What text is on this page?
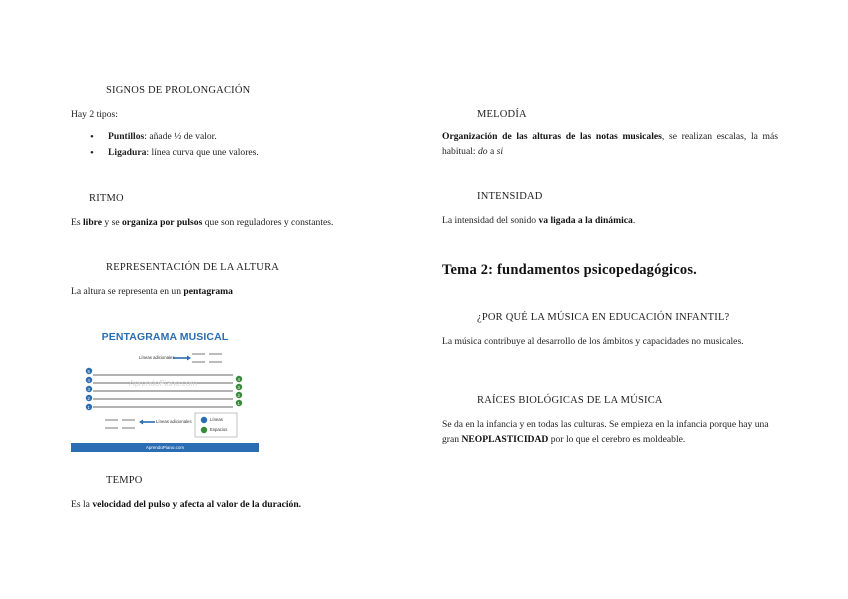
SIGNOS DE PROLONGACIÓN
Hay 2 tipos:
• Puntillos: añade ½ de valor.
• Ligadura: línea curva que une valores.
RITMO
Es libre y se organiza por pulsos que son reguladores y constantes.
REPRESENTACIÓN DE LA ALTURA
La altura se representa en un pentagrama
PENTAGRAMA MUSICAL
Líneas adicionales
Líneas adicionales	Líneas
Espacios
AprendoPiano.com
5
4
3
2
1
4
3
2
1
AprendoPiano.com
TEMPO
Es la velocidad del pulso y afecta al valor de la duración.
MELODÍA
Organización de las alturas de las notas musicales, se realizan escalas, la más habitual: do a si
INTENSIDAD
La intensidad del sonido va ligada a la dinámica.
Tema 2: fundamentos psicopedagógicos.
¿POR QUÉ LA MÚSICA EN EDUCACIÓN INFANTIL?
La música contribuye al desarrollo de los ámbitos y capacidades no musicales.
RAÍCES BIOLÓGICAS DE LA MÚSICA
Se da en la infancia y en todas las culturas. Se empieza en la infancia porque hay una gran NEOPLASTICIDAD por lo que el cerebro es moldeable.
